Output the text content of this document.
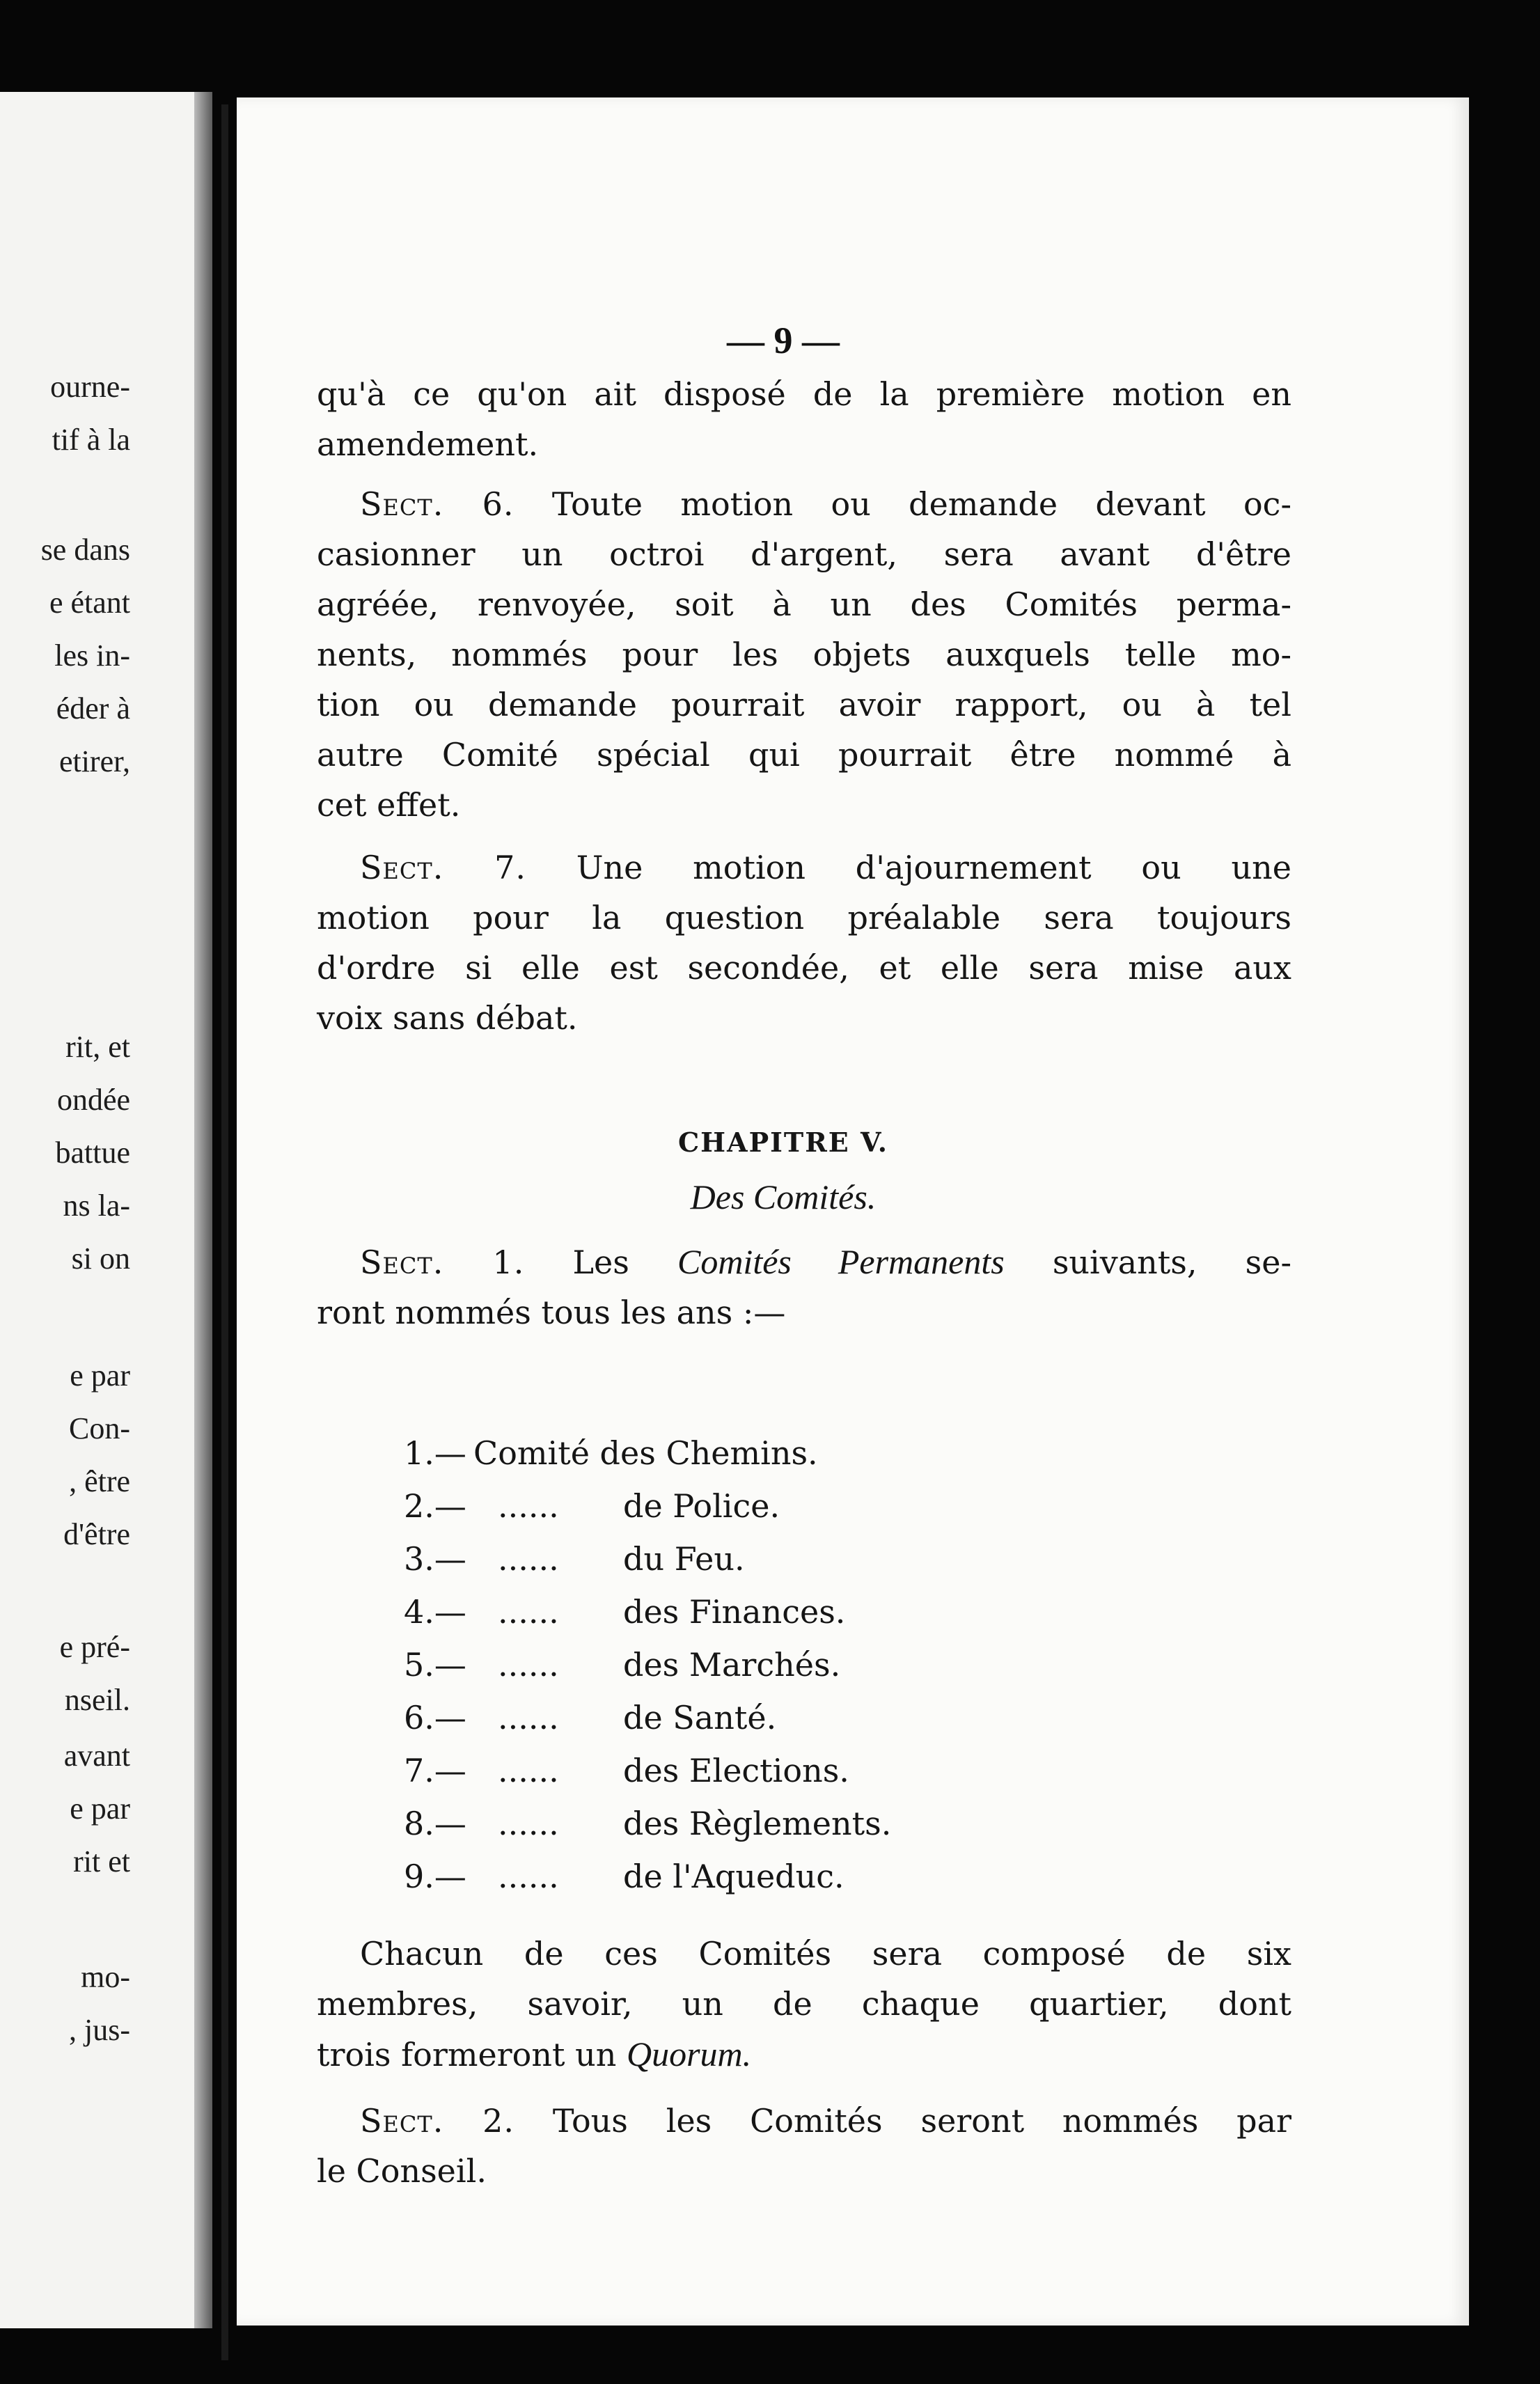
ourne-
tif à la
se dans
e étant
les in-
éder à
etirer,
rit, et
ondée
battue
ns la-
si on
e par
Con-
, être
d'être
e pré-
nseil.
avant
e par
rit et
mo-
, jus-
— 9 —
qu'à ce qu'on ait disposé de la première motion en
amendement.
Sect. 6. Toute motion ou demande devant oc-
casionner un octroi d'argent, sera avant d'être
agréée, renvoyée, soit à un des Comités perma-
nents, nommés pour les objets auxquels telle mo-
tion ou demande pourrait avoir rapport, ou à tel
autre Comité spécial qui pourrait être nommé à
cet effet.
Sect. 7. Une motion d'ajournement ou une
motion pour la question préalable sera toujours
d'ordre si elle est secondée, et elle sera mise aux
voix sans débat.
CHAPITRE V.
Des Comités.
Sect. 1. Les Comités Permanents suivants, se-
ront nommés tous les ans :—
1.— Comité des Chemins.
2.— ...... de Police.
3.— ...... du Feu.
4.— ...... des Finances.
5.— ...... des Marchés.
6.— ...... de Santé.
7.— ...... des Elections.
8.— ...... des Règlements.
9.— ...... de l'Aqueduc.
Chacun de ces Comités sera composé de six
membres, savoir, un de chaque quartier, dont
trois formeront un Quorum.
Sect. 2. Tous les Comités seront nommés par
le Conseil.
